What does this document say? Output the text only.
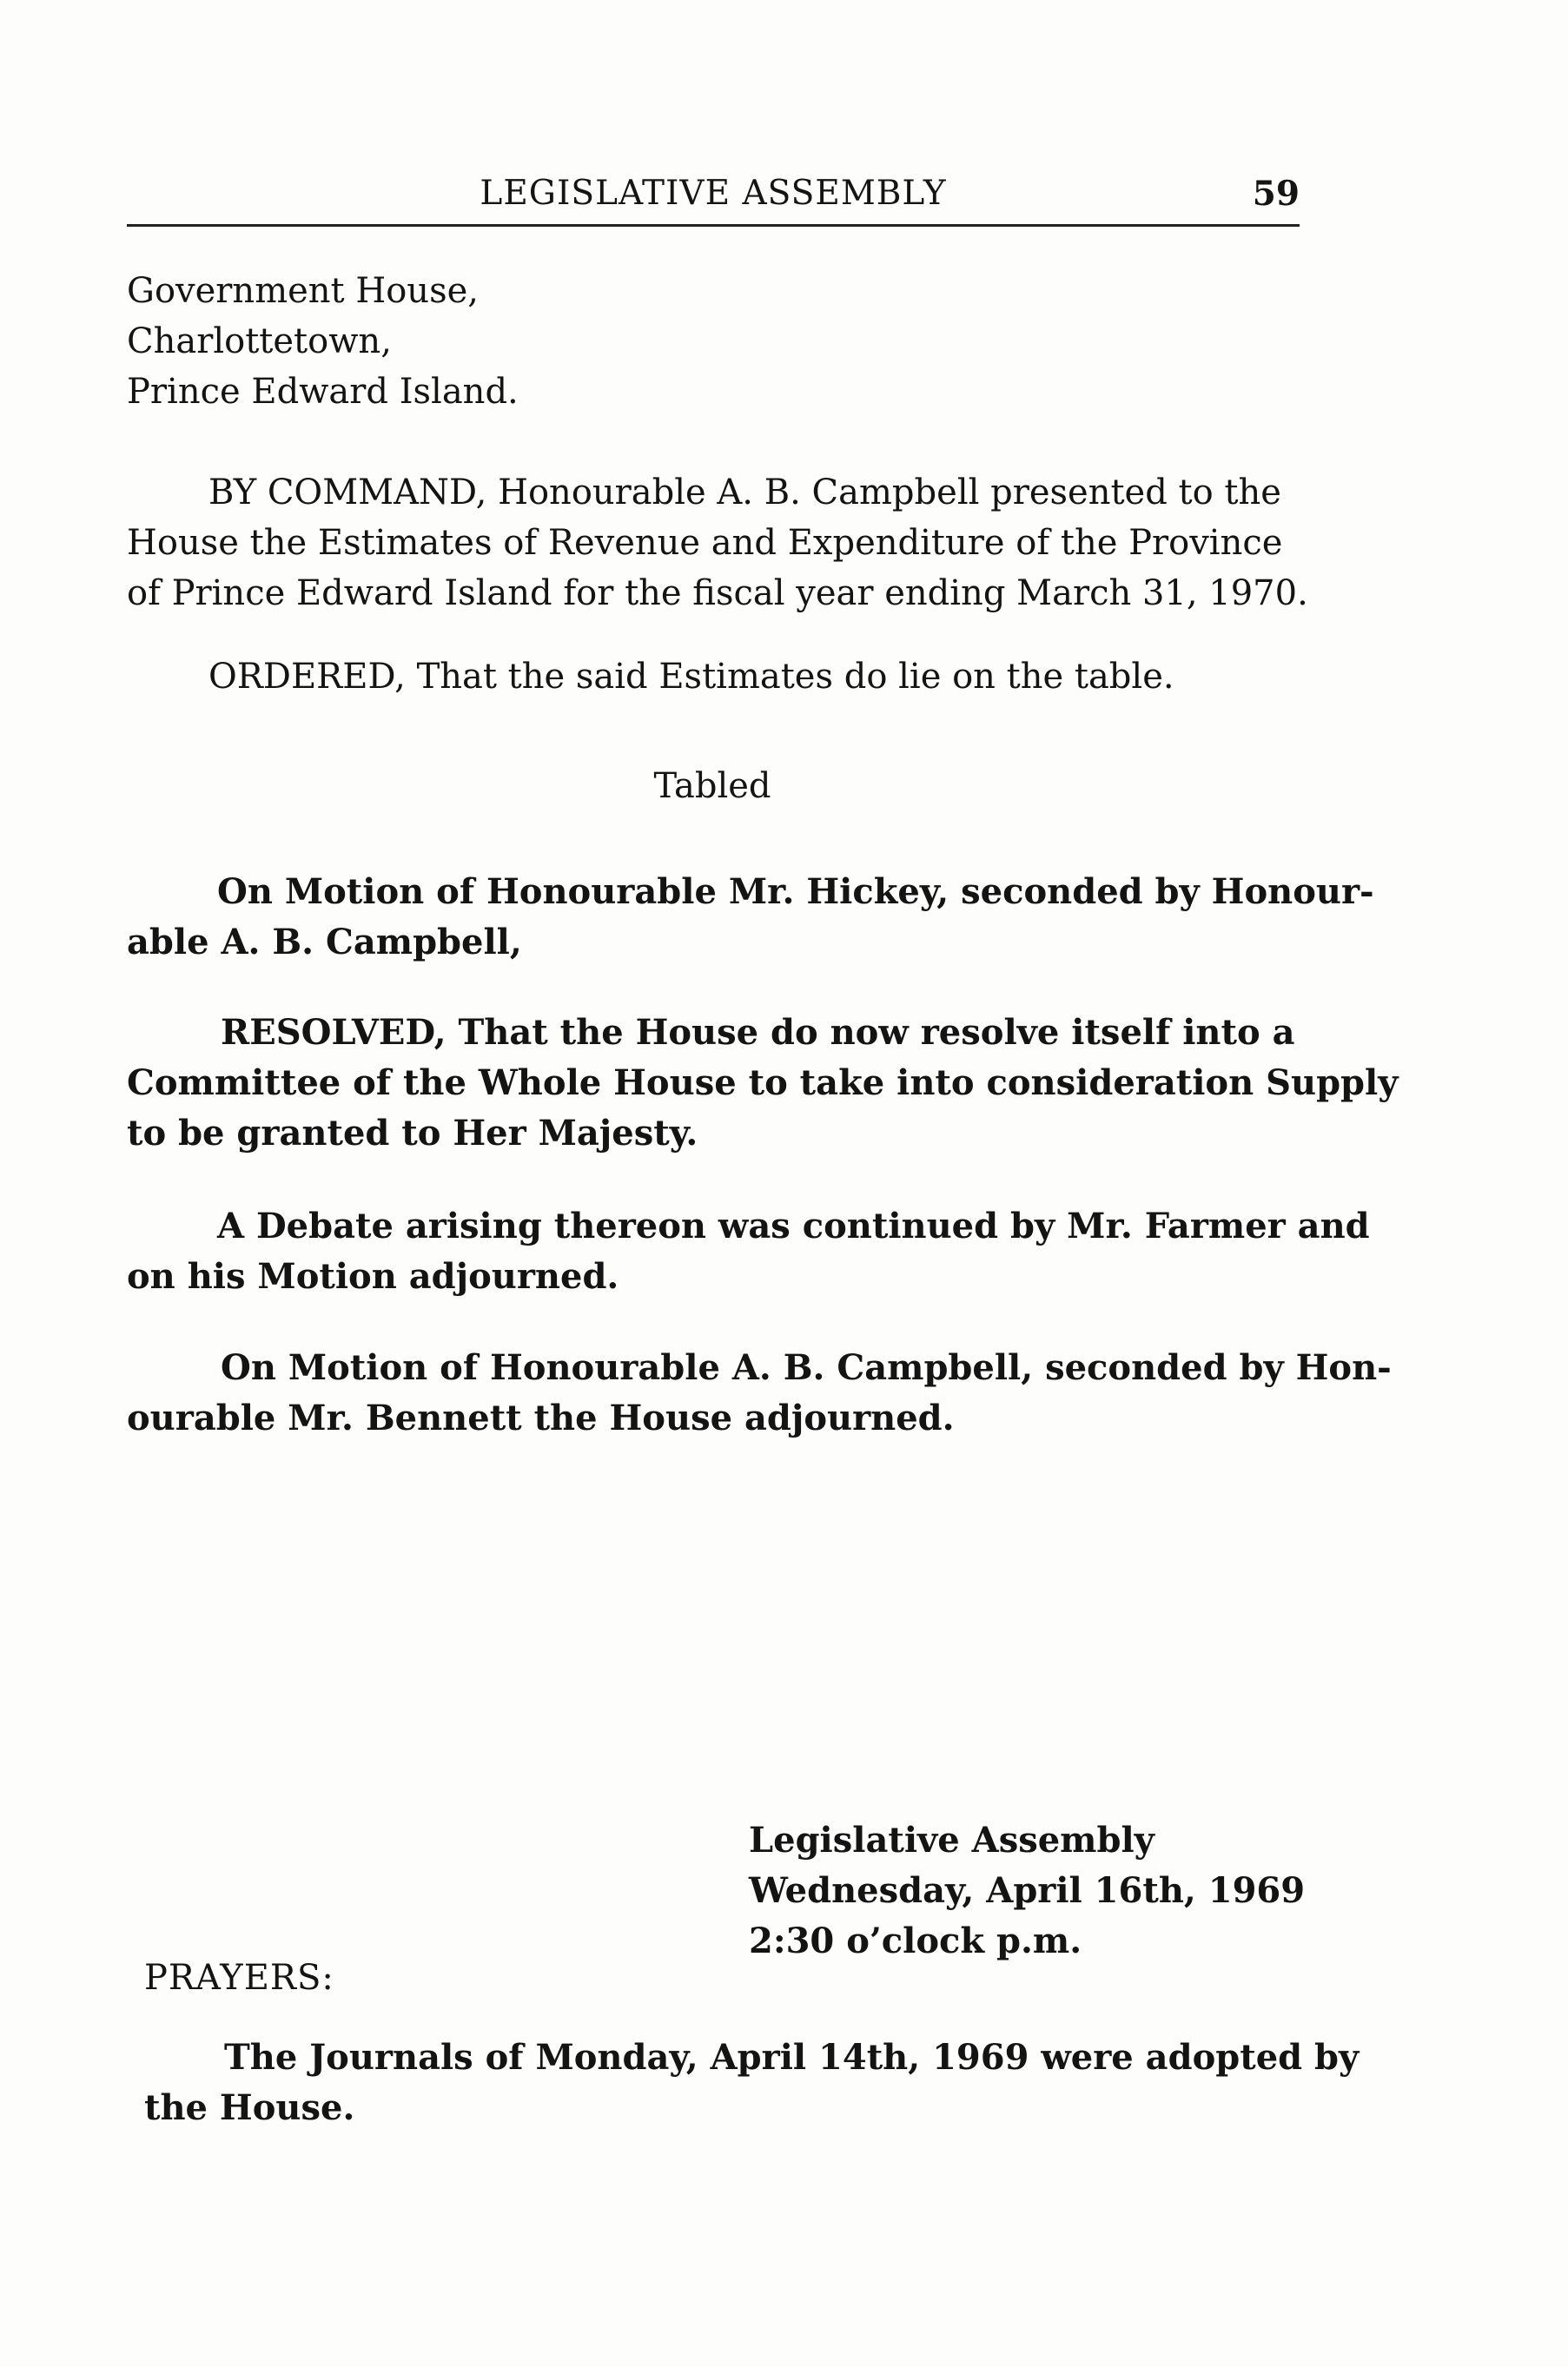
LEGISLATIVE ASSEMBLY	59
Government House,
Charlottetown,
Prince Edward Island.
BY COMMAND, Honourable A. B. Campbell presented to the
House the Estimates of Revenue and Expenditure of the Province
of Prince Edward Island for the fiscal year ending March 31, 1970.
ORDERED, That the said Estimates do lie on the table.
Tabled
On Motion of Honourable Mr. Hickey, seconded by Honour-
able A. B. Campbell,
RESOLVED, That the House do now resolve itself into a
Committee of the Whole House to take into consideration Supply
to be granted to Her Majesty.
A Debate arising thereon was continued by Mr. Farmer and
on his Motion adjourned.
On Motion of Honourable A. B. Campbell, seconded by Hon-
ourable Mr. Bennett the House adjourned.
Legislative Assembly
Wednesday, April 16th, 1969
2:30 o’clock p.m.
PRAYERS:
The Journals of Monday, April 14th, 1969 were adopted by
the House.
